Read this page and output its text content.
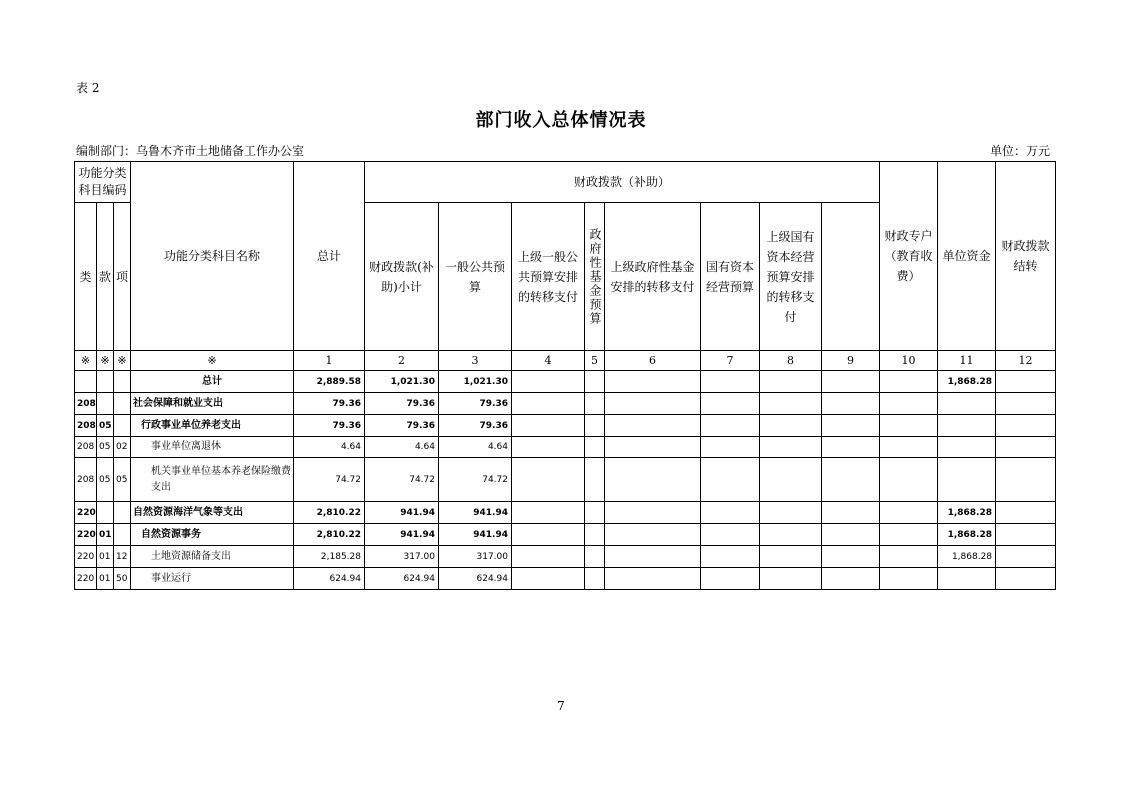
表 2
部门收入总体情况表
编制部门：乌鲁木齐市土地储备工作办公室	单位：万元
功能分类科目编码			功能分类科目名称	总计	财政拨款（补助）								财政专户（教育收费）	单位资金	财政拨款结转	
类	款	项			财政拨款(补助)小计	一般公共预算	上级一般公共预算安排的转移支付	政府性基金预算	上级政府性基金安排的转移支付	国有资本经营预算	上级国有资本经营预算安排的转移支付					
※	※	※	※	1	2	3	4	5	6	7	8	9	10	11	12	
			总计	2,889.58	1,021.30	1,021.30								1,868.28		
208			社会保障和就业支出	79.36	79.36	79.36										
208	05		行政事业单位养老支出	79.36	79.36	79.36										
208	05	02	事业单位离退休	4.64	4.64	4.64										
208	05	05	机关事业单位基本养老保险缴费支出	74.72	74.72	74.72										
220			自然资源海洋气象等支出	2,810.22	941.94	941.94								1,868.28		
220	01		自然资源事务	2,810.22	941.94	941.94								1,868.28		
220	01	12	土地资源储备支出	2,185.28	317.00	317.00								1,868.28		
220	01	50	事业运行	624.94	624.94	624.94										
7
